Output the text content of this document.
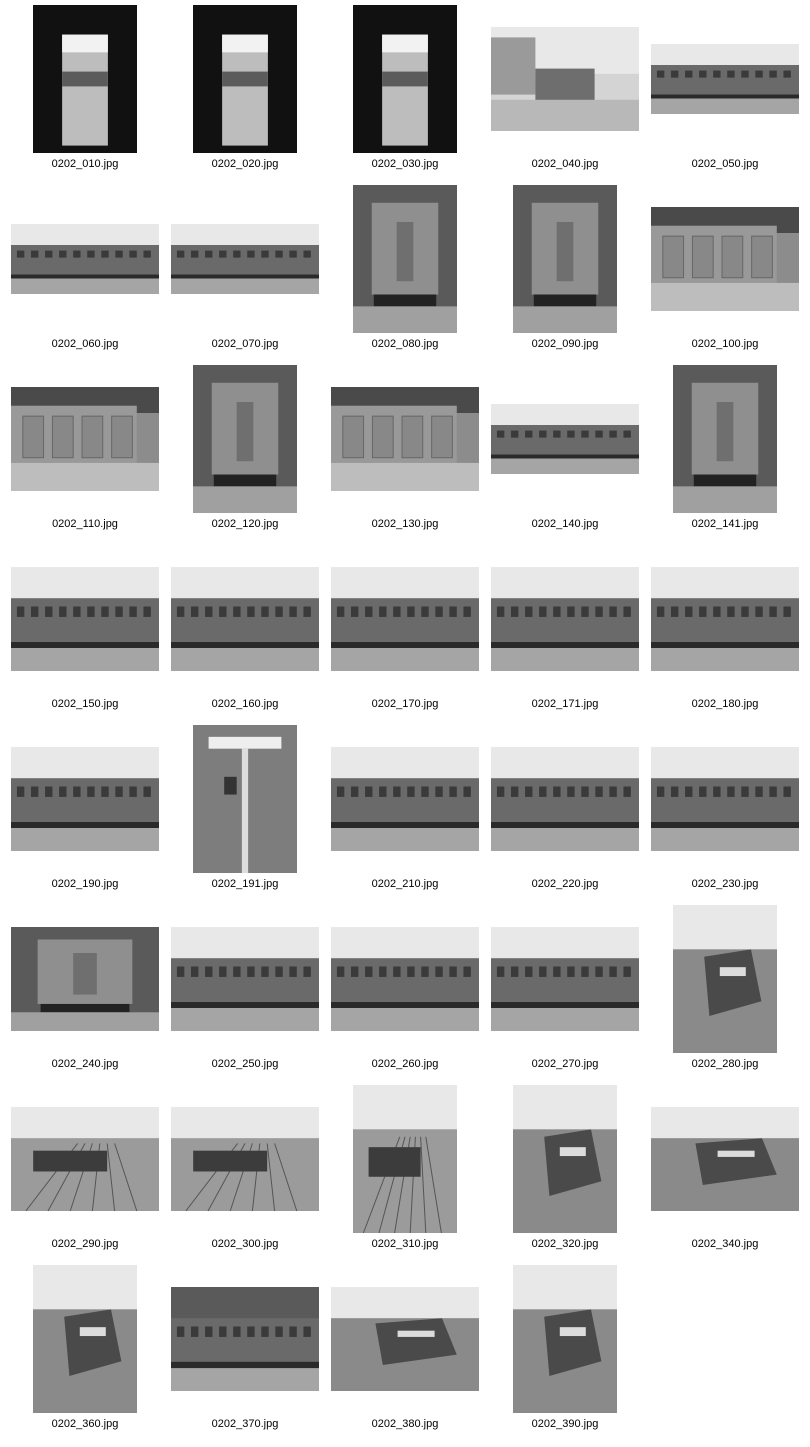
0202_010.jpg	0202_020.jpg	0202_030.jpg	0202_040.jpg	0202_050.jpg
0202_060.jpg	0202_070.jpg	0202_080.jpg	0202_090.jpg	0202_100.jpg
0202_110.jpg	0202_120.jpg	0202_130.jpg	0202_140.jpg	0202_141.jpg
0202_150.jpg	0202_160.jpg	0202_170.jpg	0202_171.jpg	0202_180.jpg
0202_190.jpg	0202_191.jpg	0202_210.jpg	0202_220.jpg	0202_230.jpg
0202_240.jpg	0202_250.jpg	0202_260.jpg	0202_270.jpg	0202_280.jpg
0202_290.jpg	0202_300.jpg	0202_310.jpg	0202_320.jpg	0202_340.jpg
0202_360.jpg	0202_370.jpg	0202_380.jpg	0202_390.jpg
